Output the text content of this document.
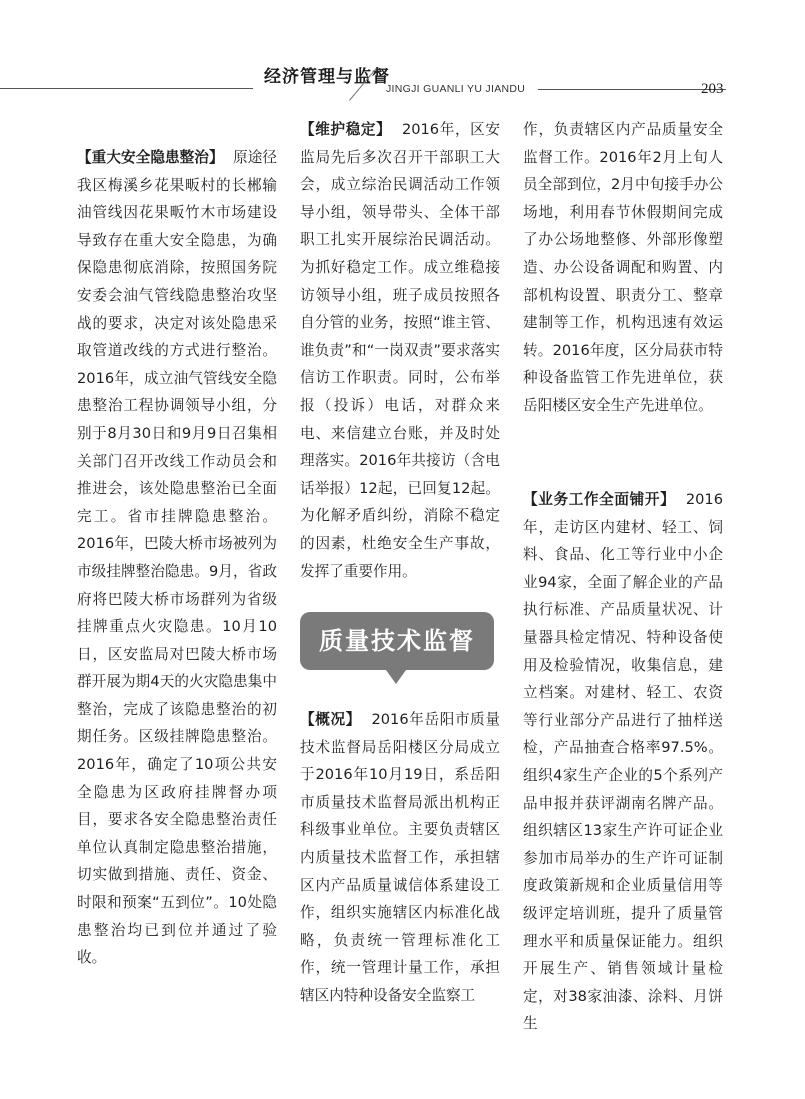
经济管理与监督
JINGJI GUANLI YU JIANDU	203

【重大安全隐患整治】 原途径我区梅溪乡花果畈村的长郴输油管线因花果畈竹木市场建设导致存在重大安全隐患，为确保隐患彻底消除，按照国务院安委会油气管线隐患整治攻坚战的要求，决定对该处隐患采取管道改线的方式进行整治。2016年，成立油气管线安全隐患整治工程协调领导小组，分别于8月30日和9月9日召集相关部门召开改线工作动员会和推进会，该处隐患整治已全面完工。省市挂牌隐患整治。2016年，巴陵大桥市场被列为市级挂牌整治隐患。9月，省政府将巴陵大桥市场群列为省级挂牌重点火灾隐患。10月10日，区安监局对巴陵大桥市场群开展为期4天的火灾隐患集中整治，完成了该隐患整治的初期任务。区级挂牌隐患整治。2016年，确定了10项公共安全隐患为区政府挂牌督办项目，要求各安全隐患整治责任单位认真制定隐患整治措施，切实做到措施、责任、资金、时限和预案“五到位”。10处隐患整治均已到位并通过了验收。

【维护稳定】 2016年，区安监局先后多次召开干部职工大会，成立综治民调活动工作领导小组，领导带头、全体干部职工扎实开展综治民调活动。为抓好稳定工作。成立维稳接访领导小组，班子成员按照各自分管的业务，按照“谁主管、谁负责”和“一岗双责”要求落实信访工作职责。同时，公布举报（投诉）电话，对群众来电、来信建立台账，并及时处理落实。2016年共接访（含电话举报）12起，已回复12起。为化解矛盾纠纷，消除不稳定的因素，杜绝安全生产事故，发挥了重要作用。

质量技术监督

【概况】 2016年岳阳市质量技术监督局岳阳楼区分局成立于2016年10月19日，系岳阳市质量技术监督局派出机构正科级事业单位。主要负责辖区内质量技术监督工作，承担辖区内产品质量诚信体系建设工作，组织实施辖区内标准化战略，负责统一管理标准化工作，统一管理计量工作，承担辖区内特种设备安全监察工

作，负责辖区内产品质量安全监督工作。2016年2月上旬人员全部到位，2月中旬接手办公场地，利用春节休假期间完成了办公场地整修、外部形像塑造、办公设备调配和购置、内部机构设置、职责分工、整章建制等工作，机构迅速有效运转。2016年度，区分局获市特种设备监管工作先进单位，获岳阳楼区安全生产先进单位。

【业务工作全面铺开】 2016年，走访区内建材、轻工、饲料、食品、化工等行业中小企业94家，全面了解企业的产品执行标准、产品质量状况、计量器具检定情况、特种设备使用及检验情况，收集信息，建立档案。对建材、轻工、农资等行业部分产品进行了抽样送检，产品抽查合格率97.5%。组织4家生产企业的5个系列产品申报并获评湖南名牌产品。组织辖区13家生产许可证企业参加市局举办的生产许可证制度政策新规和企业质量信用等级评定培训班，提升了质量管理水平和质量保证能力。组织开展生产、销售领域计量检定，对38家油漆、涂料、月饼生
